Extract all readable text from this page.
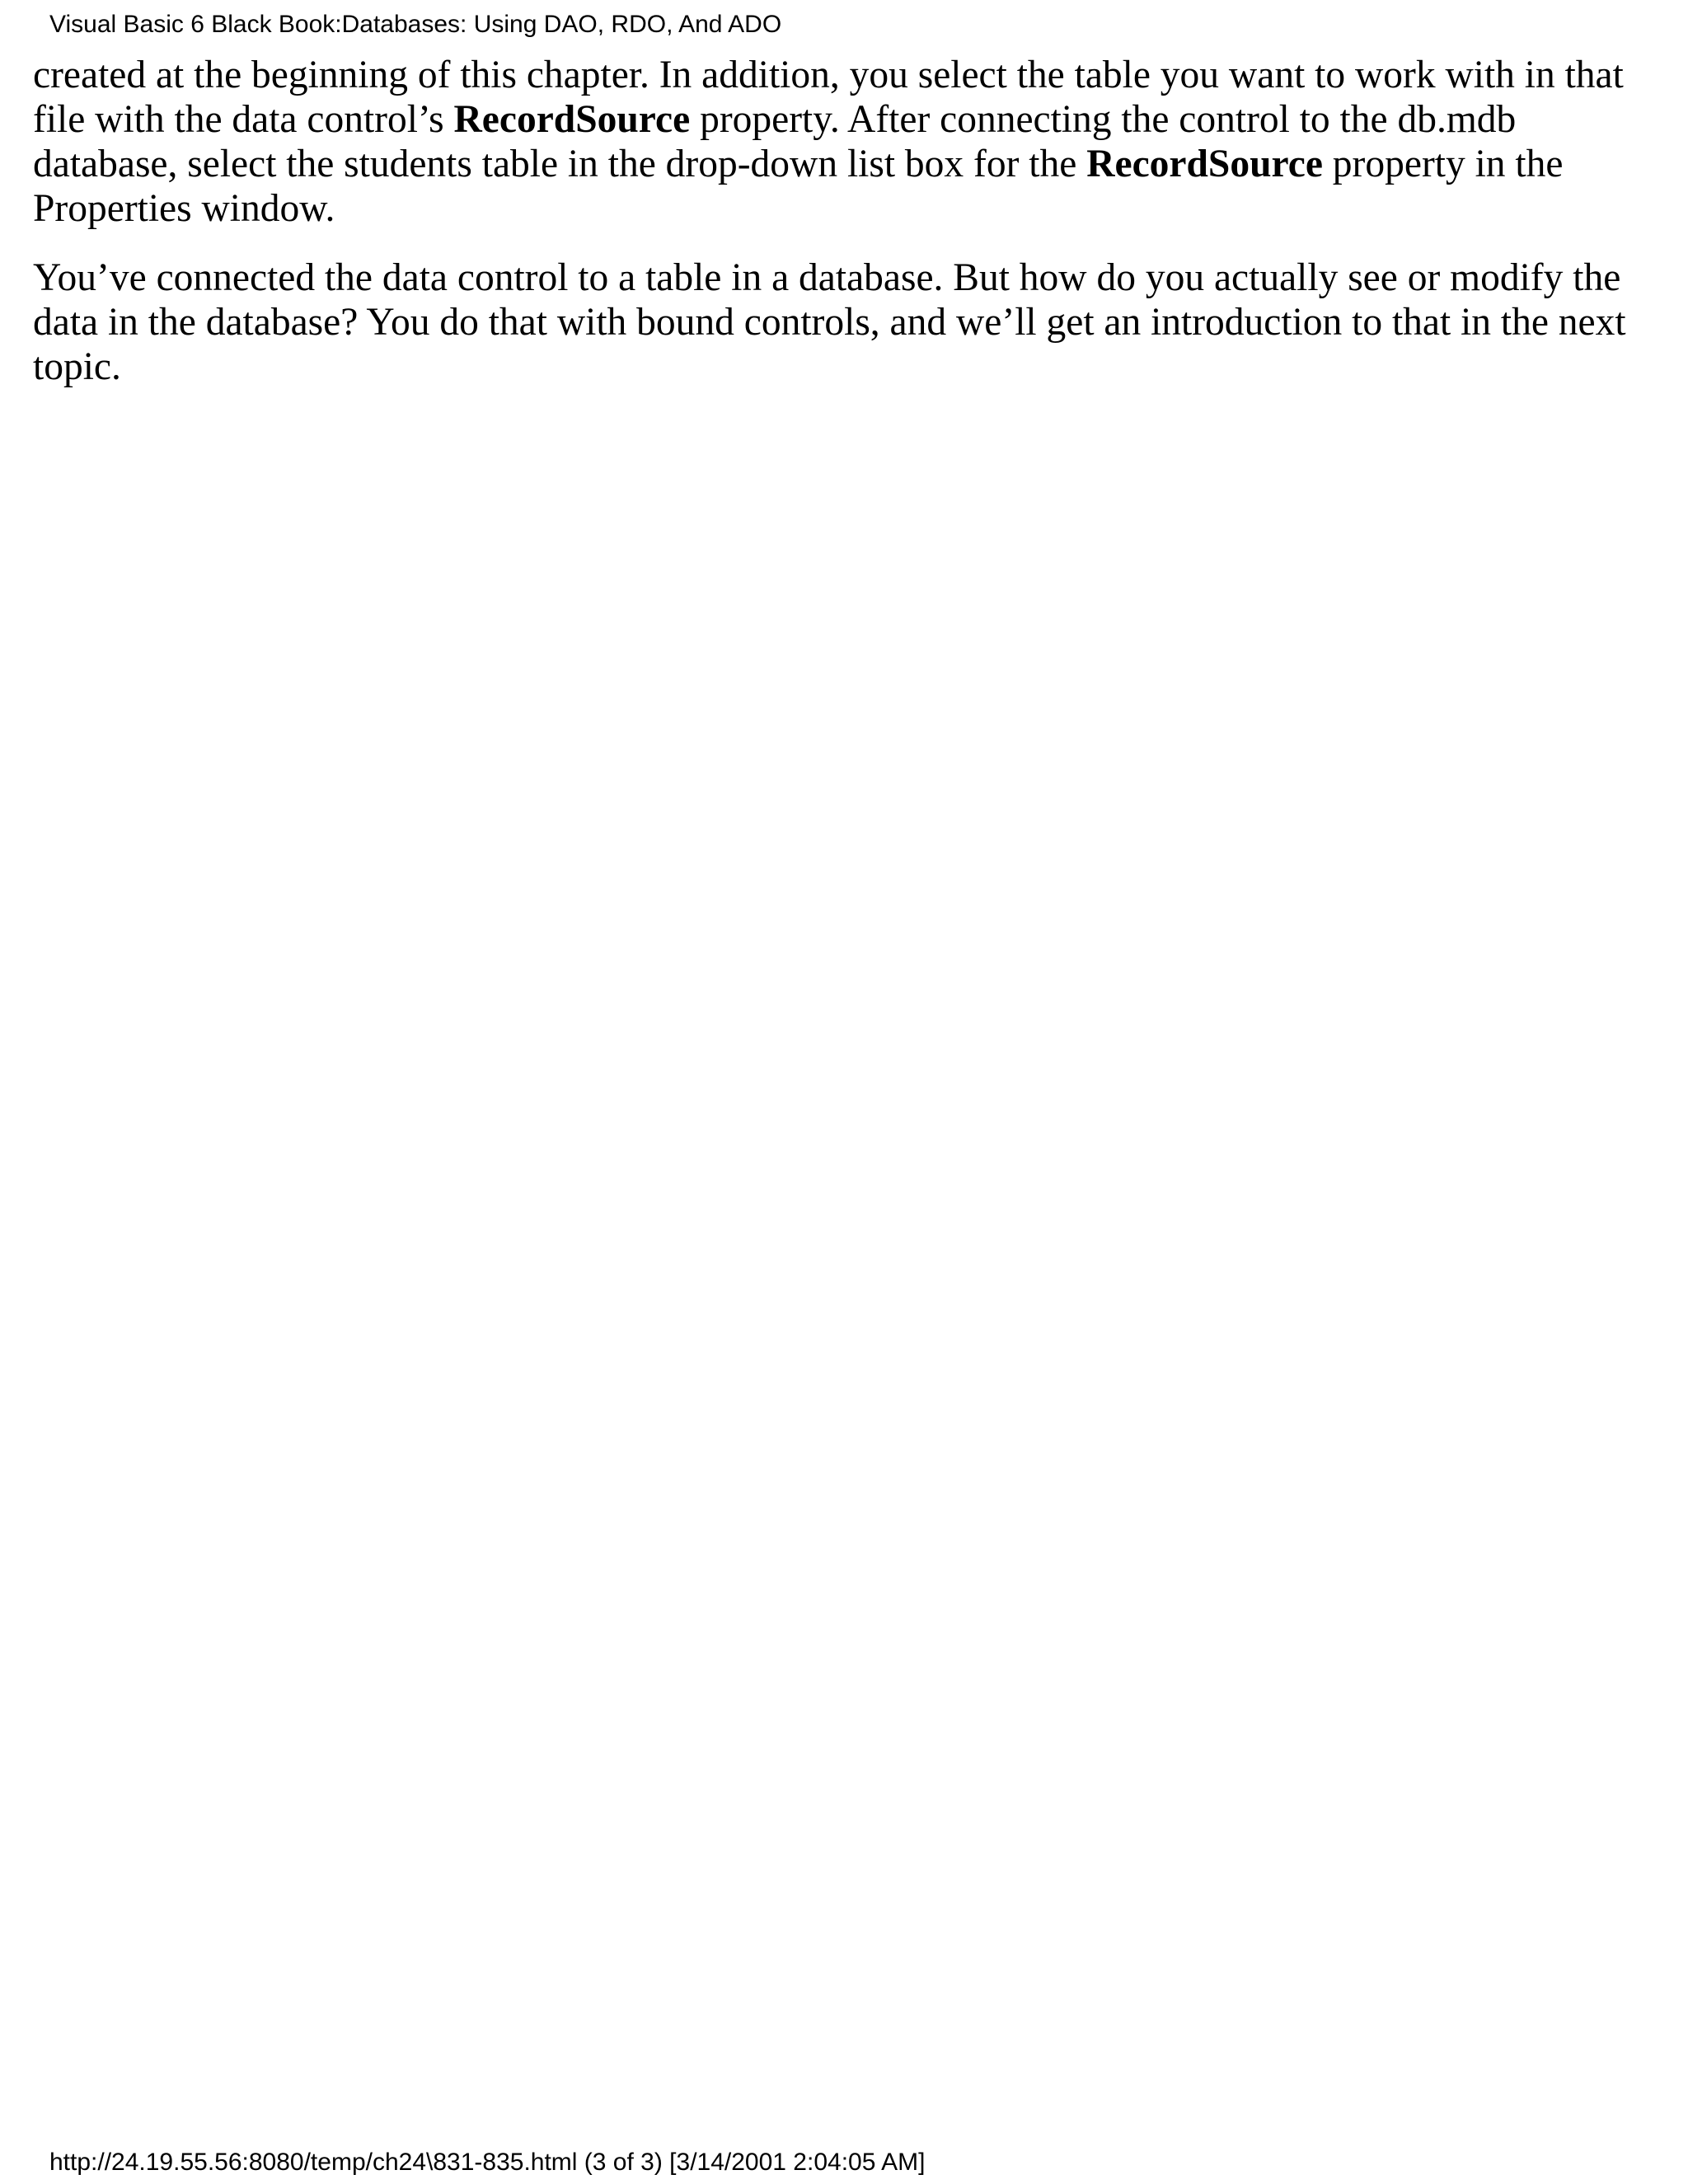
Visual Basic 6 Black Book:Databases: Using DAO, RDO, And ADO

created at the beginning of this chapter. In addition, you select the table you want to work with in that file with the data control’s RecordSource property. After connecting the control to the db.mdb database, select the students table in the drop-down list box for the RecordSource property in the Properties window.

You’ve connected the data control to a table in a database. But how do you actually see or modify the data in the database? You do that with bound controls, and we’ll get an introduction to that in the next topic.

http://24.19.55.56:8080/temp/ch24\831-835.html (3 of 3) [3/14/2001 2:04:05 AM]
